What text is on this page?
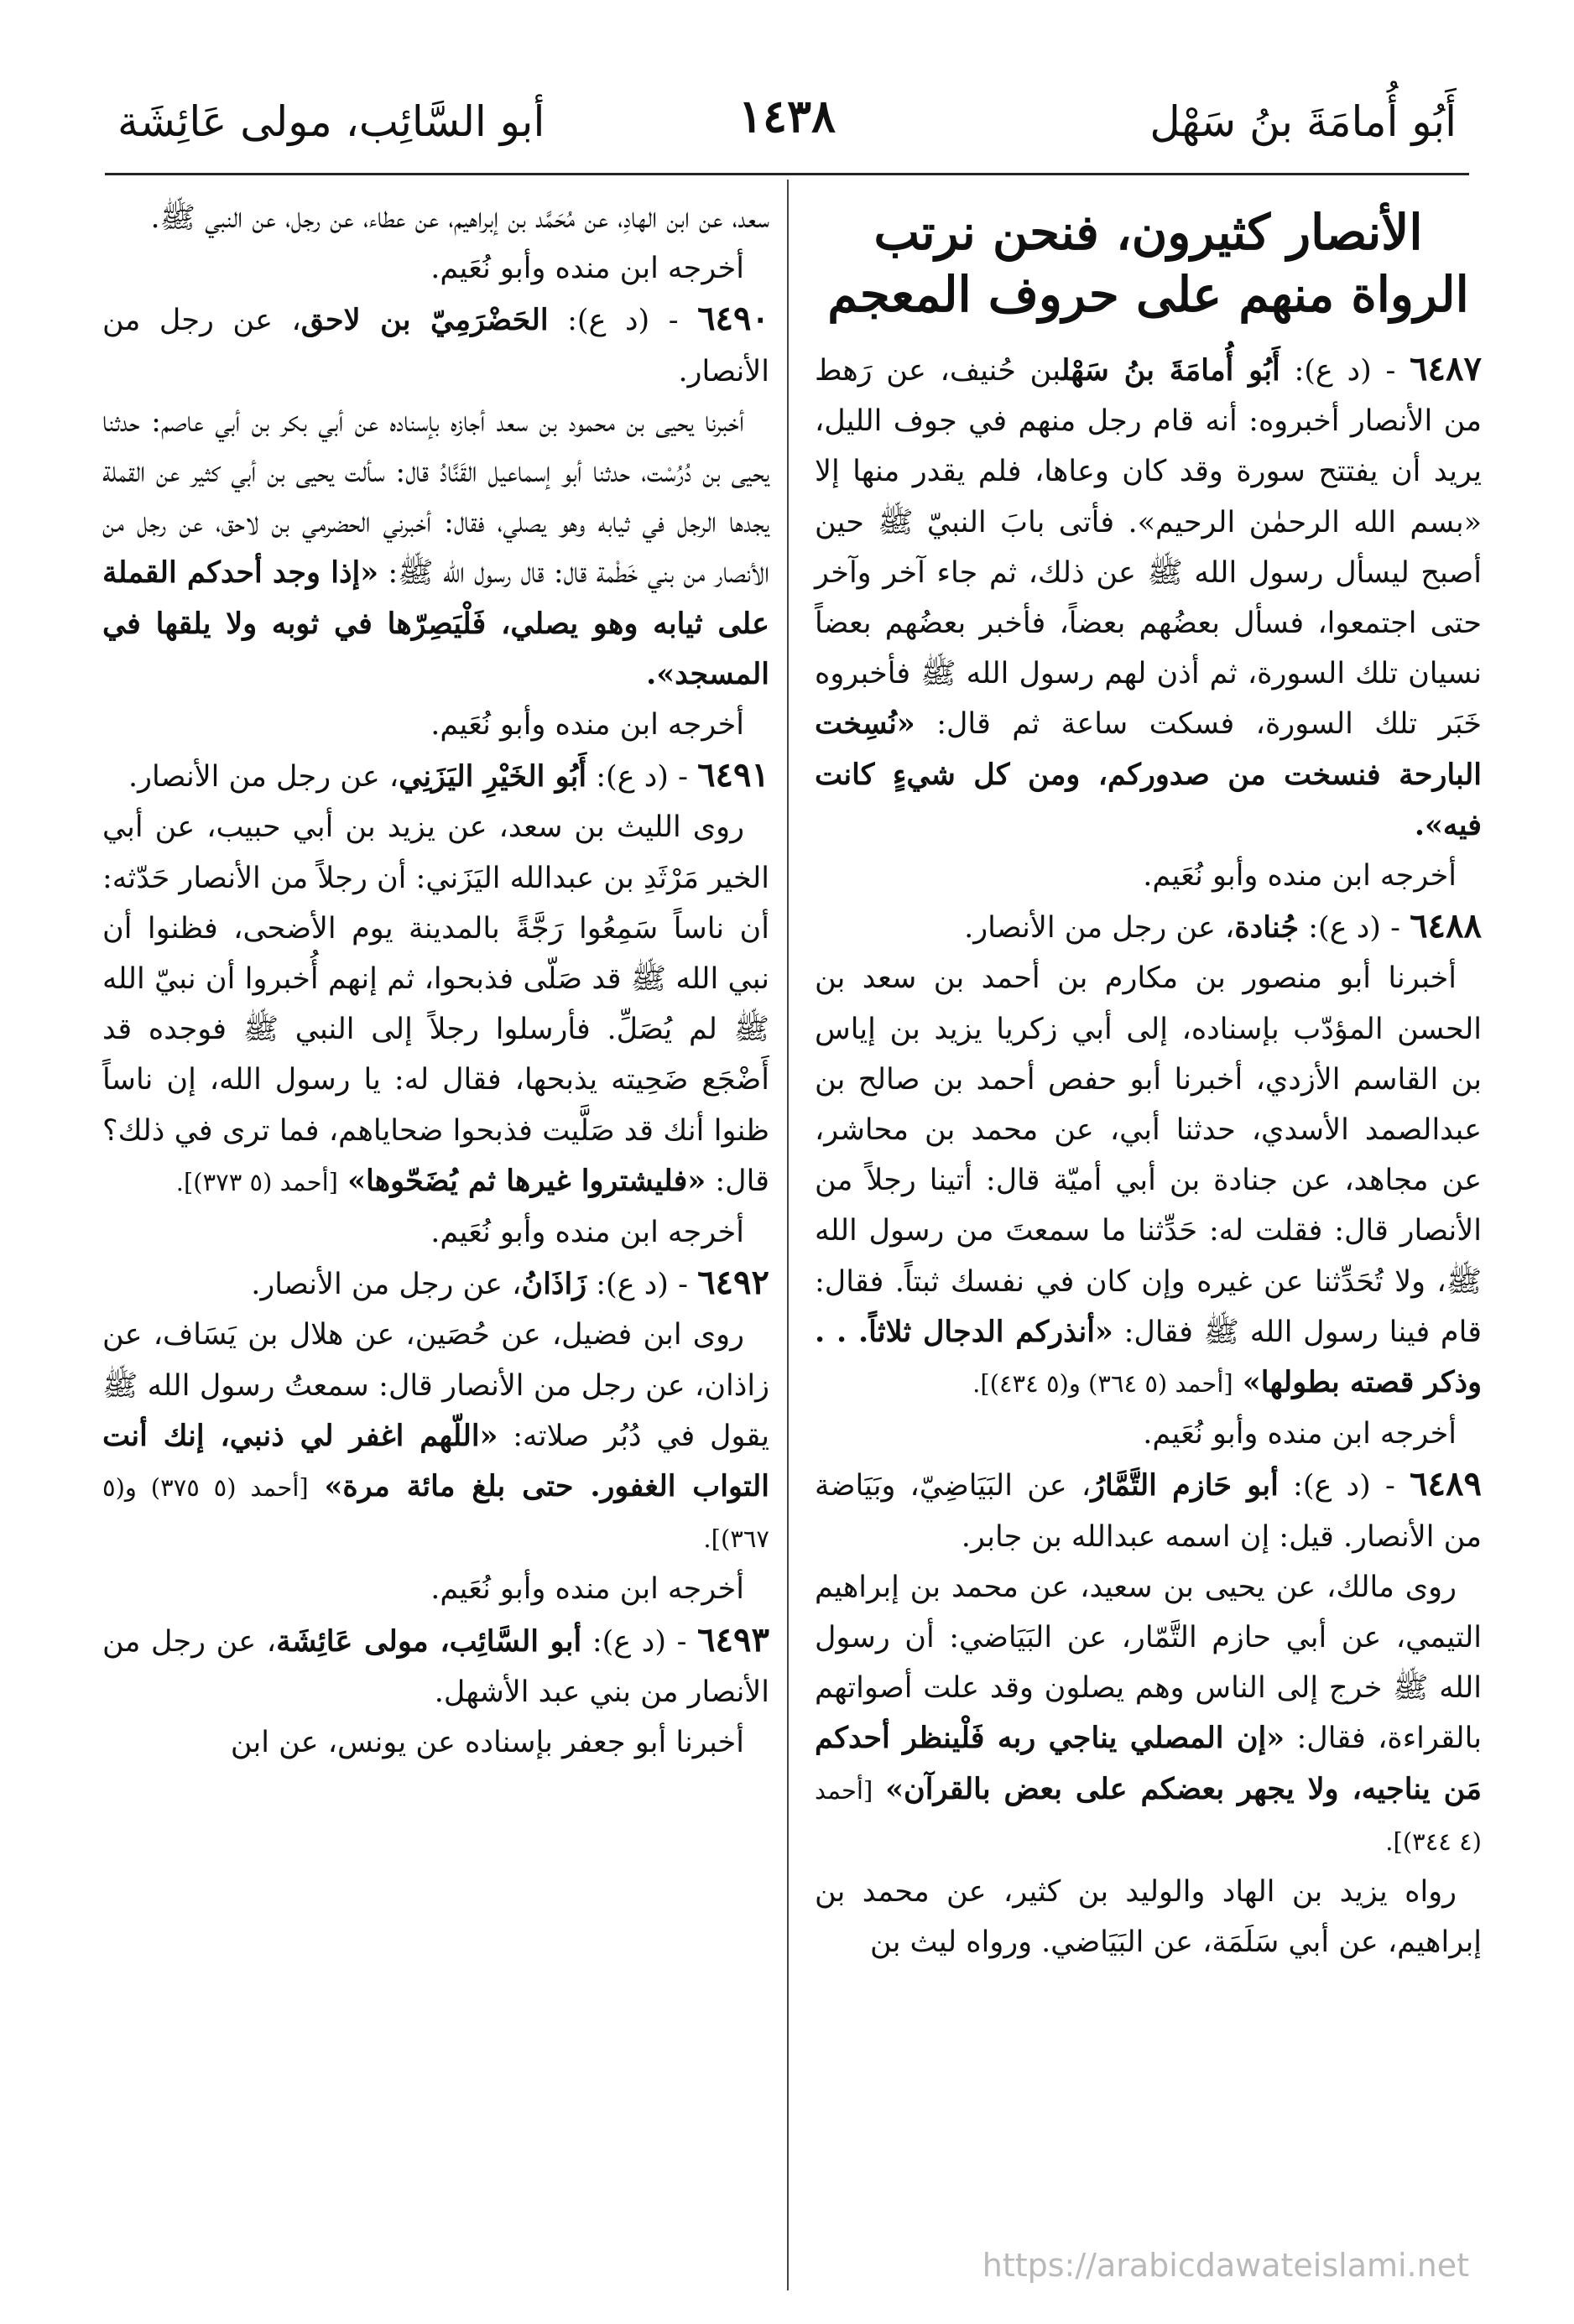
أَبُو أُمامَةَ بنُ سَهْل
١٤٣٨
أبو السَّائِب، مولى عَائِشَة
الأنصار كثيرون، فنحن نرتب الرواة منهم على حروف المعجم

٦٤٨٧ - (د ع): أَبُو أُمامَةَ بنُ سَهْلبن حُنيف، عن رَهط من الأنصار أخبروه: أنه قام رجل منهم في جوف الليل، يريد أن يفتتح سورة وقد كان وعاها، فلم يقدر منها إلا «بسم الله الرحمٰن الرحيم». فأتى بابَ النبيّ ﷺ حين أصبح ليسأل رسول الله ﷺ عن ذلك، ثم جاء آخر وآخر حتى اجتمعوا، فسأل بعضُهم بعضاً، فأخبر بعضُهم بعضاً نسيان تلك السورة، ثم أذن لهم رسول الله ﷺ فأخبروه خَبَر تلك السورة، فسكت ساعة ثم قال: «نُسِخت البارحة فنسخت من صدوركم، ومن كل شيءٍ كانت فيه».

أخرجه ابن منده وأبو نُعَيم.

٦٤٨٨ - (د ع): جُنادة، عن رجل من الأنصار.

أخبرنا أبو منصور بن مكارم بن أحمد بن سعد بن الحسن المؤدّب بإسناده، إلى أبي زكريا يزيد بن إياس بن القاسم الأزدي، أخبرنا أبو حفص أحمد بن صالح بن عبدالصمد الأسدي، حدثنا أبي، عن محمد بن محاشر، عن مجاهد، عن جنادة بن أبي أميّة قال: أتينا رجلاً من الأنصار قال: فقلت له: حَدِّثنا ما سمعتَ من رسول الله ﷺ، ولا تُحَدِّثنا عن غيره وإن كان في نفسك ثبتاً. فقال: قام فينا رسول الله ﷺ فقال: «أنذركم الدجال ثلاثاً. . . وذكر قصته بطولها» [أحمد (٥ ٣٦٤) و(٥ ٤٣٤)].

أخرجه ابن منده وأبو نُعَيم.

٦٤٨٩ - (د ع): أبو حَازم التَّمَّارُ، عن البَيَاضِيّ، وبَيَاضة من الأنصار. قيل: إن اسمه عبدالله بن جابر.

روى مالك، عن يحيى بن سعيد، عن محمد بن إبراهيم التيمي، عن أبي حازم التَّمّار، عن البَيَاضي: أن رسول الله ﷺ خرج إلى الناس وهم يصلون وقد علت أصواتهم بالقراءة، فقال: «إن المصلي يناجي ربه فَلْينظر أحدكم مَن يناجيه، ولا يجهر بعضكم على بعض بالقرآن» [أحمد (٤ ٣٤٤)].

رواه يزيد بن الهاد والوليد بن كثير، عن محمد بن إبراهيم، عن أبي سَلَمَة، عن البَيَاضي. ورواه ليث بن

سعد، عن ابن الهادِ، عن مُحَمَّد بن إبراهيم، عن عطاء، عن رجل، عن النبي ﷺ.

أخرجه ابن منده وأبو نُعَيم.

٦٤٩٠ - (د ع): الحَضْرَمِيّ بن لاحق، عن رجل من الأنصار.

أخبرنا يحيى بن محمود بن سعد أجازه بإسناده عن أبي بكر بن أبي عاصم: حدثنا يحيى بن دُرُسْت، حدثنا أبو إسماعيل القَنَّادُ قال: سألت يحيى بن أبي كثير عن القملة يجدها الرجل في ثيابه وهو يصلي، فقال: أخبرني الحضرمي بن لاحق، عن رجل من الأنصار من بني خَطْمة قال: قال رسول الله ﷺ: «إذا وجد أحدكم القملة على ثيابه وهو يصلي، فَلْيَصِرّها في ثوبه ولا يلقها في المسجد».

أخرجه ابن منده وأبو نُعَيم.

٦٤٩١ - (د ع): أَبُو الخَيْرِ اليَزَنِي، عن رجل من الأنصار.

روى الليث بن سعد، عن يزيد بن أبي حبيب، عن أبي الخير مَرْثَدِ بن عبدالله اليَزَني: أن رجلاً من الأنصار حَدّثه: أن ناساً سَمِعُوا رَجَّةً بالمدينة يوم الأضحى، فظنوا أن نبي الله ﷺ قد صَلّى فذبحوا، ثم إنهم أُخبروا أن نبيّ الله ﷺ لم يُصَلِّ. فأرسلوا رجلاً إلى النبي ﷺ فوجده قد أَضْجَع ضَحِيته يذبحها، فقال له: يا رسول الله، إن ناساً ظنوا أنك قد صَلَّيت فذبحوا ضحاياهم، فما ترى في ذلك؟ قال: «فليشتروا غيرها ثم يُضَحّوها» [أحمد (٥ ٣٧٣)].

أخرجه ابن منده وأبو نُعَيم.

٦٤٩٢ - (د ع): زَاذَانُ، عن رجل من الأنصار.

روى ابن فضيل، عن حُصَين، عن هلال بن يَسَاف، عن زاذان، عن رجل من الأنصار قال: سمعتُ رسول الله ﷺ يقول في دُبُر صلاته: «اللّهم اغفر لي ذنبي، إنك أنت التواب الغفور. حتى بلغ مائة مرة» [أحمد (٥ ٣٧٥) و(٥ ٣٦٧)].

أخرجه ابن منده وأبو نُعَيم.

٦٤٩٣ - (د ع): أبو السَّائِب، مولى عَائِشَة، عن رجل من الأنصار من بني عبد الأشهل.

أخبرنا أبو جعفر بإسناده عن يونس، عن ابن

https://arabicdawateislami.net
